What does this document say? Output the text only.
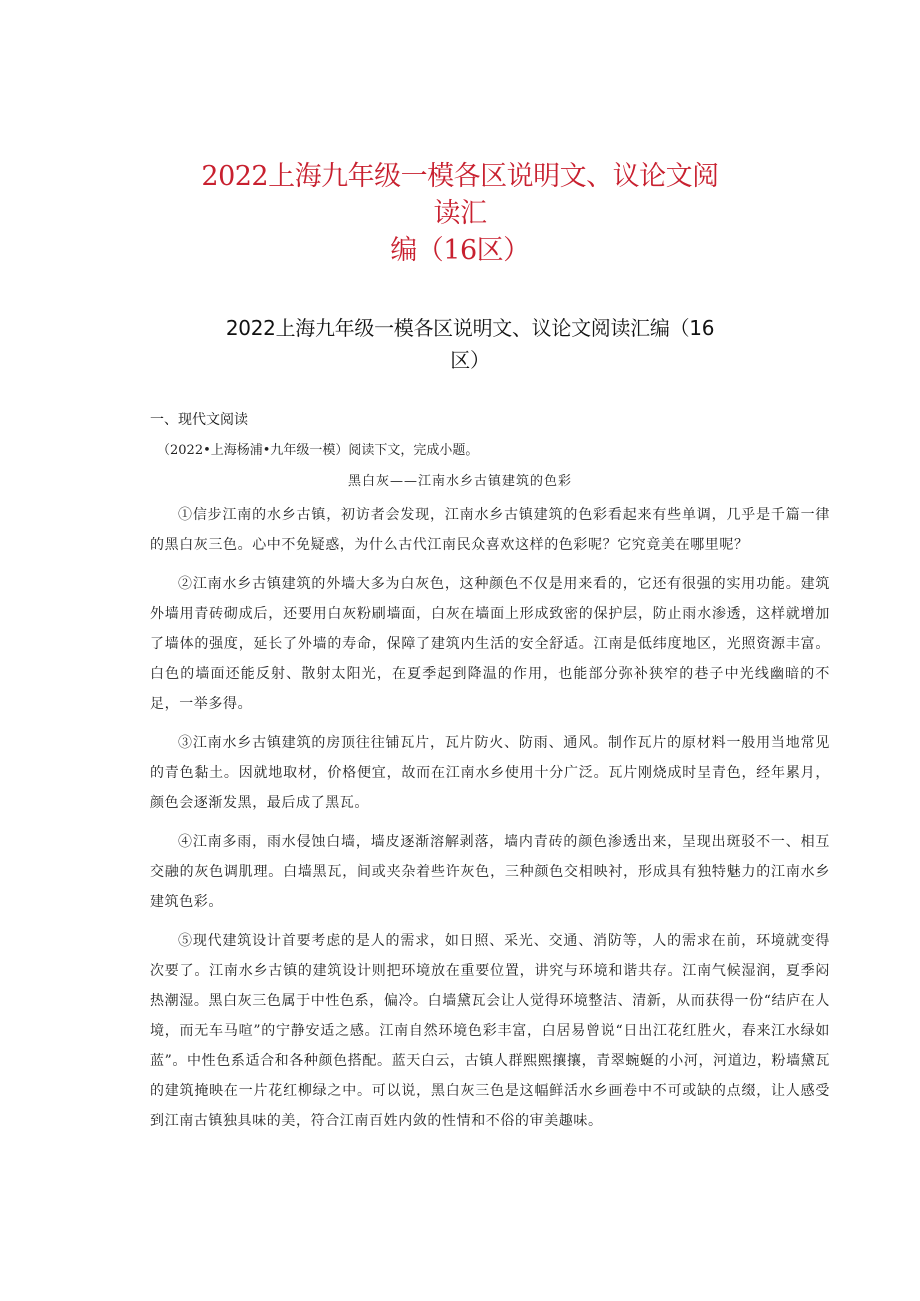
2022上海九年级一模各区说明文、议论文阅读汇
编（16区）
2022上海九年级一模各区说明文、议论文阅读汇编（16
区）
一、现代文阅读
（2022•上海杨浦•九年级一模）阅读下文，完成小题。
黑白灰——江南水乡古镇建筑的色彩

①信步江南的水乡古镇，初访者会发现，江南水乡古镇建筑的色彩看起来有些单调，几乎是千篇一律的黑白灰三色。心中不免疑惑，为什么古代江南民众喜欢这样的色彩呢？它究竟美在哪里呢？

②江南水乡古镇建筑的外墙大多为白灰色，这种颜色不仅是用来看的，它还有很强的实用功能。建筑外墙用青砖砌成后，还要用白灰粉刷墙面，白灰在墙面上形成致密的保护层，防止雨水渗透，这样就增加了墙体的强度，延长了外墙的寿命，保障了建筑内生活的安全舒适。江南是低纬度地区，光照资源丰富。白色的墙面还能反射、散射太阳光，在夏季起到降温的作用，也能部分弥补狭窄的巷子中光线幽暗的不足，一举多得。

③江南水乡古镇建筑的房顶往往铺瓦片，瓦片防火、防雨、通风。制作瓦片的原材料一般用当地常见的青色黏土。因就地取材，价格便宜，故而在江南水乡使用十分广泛。瓦片刚烧成时呈青色，经年累月，颜色会逐渐发黑，最后成了黑瓦。

④江南多雨，雨水侵蚀白墙，墙皮逐渐溶解剥落，墙内青砖的颜色渗透出来，呈现出斑驳不一、相互交融的灰色调肌理。白墙黑瓦，间或夹杂着些许灰色，三种颜色交相映衬，形成具有独特魅力的江南水乡建筑色彩。

⑤现代建筑设计首要考虑的是人的需求，如日照、采光、交通、消防等，人的需求在前，环境就变得次要了。江南水乡古镇的建筑设计则把环境放在重要位置，讲究与环境和谐共存。江南气候湿润，夏季闷热潮湿。黑白灰三色属于中性色系，偏冷。白墙黛瓦会让人觉得环境整洁、清新，从而获得一份“结庐在人境，而无车马喧”的宁静安适之感。江南自然环境色彩丰富，白居易曾说“日出江花红胜火，春来江水绿如蓝”。中性色系适合和各种颜色搭配。蓝天白云，古镇人群熙熙攘攘，青翠蜿蜒的小河，河道边，粉墙黛瓦的建筑掩映在一片花红柳绿之中。可以说，黑白灰三色是这幅鲜活水乡画卷中不可或缺的点缀，让人感受到江南古镇独具味的美，符合江南百姓内敛的性情和不俗的审美趣味。
